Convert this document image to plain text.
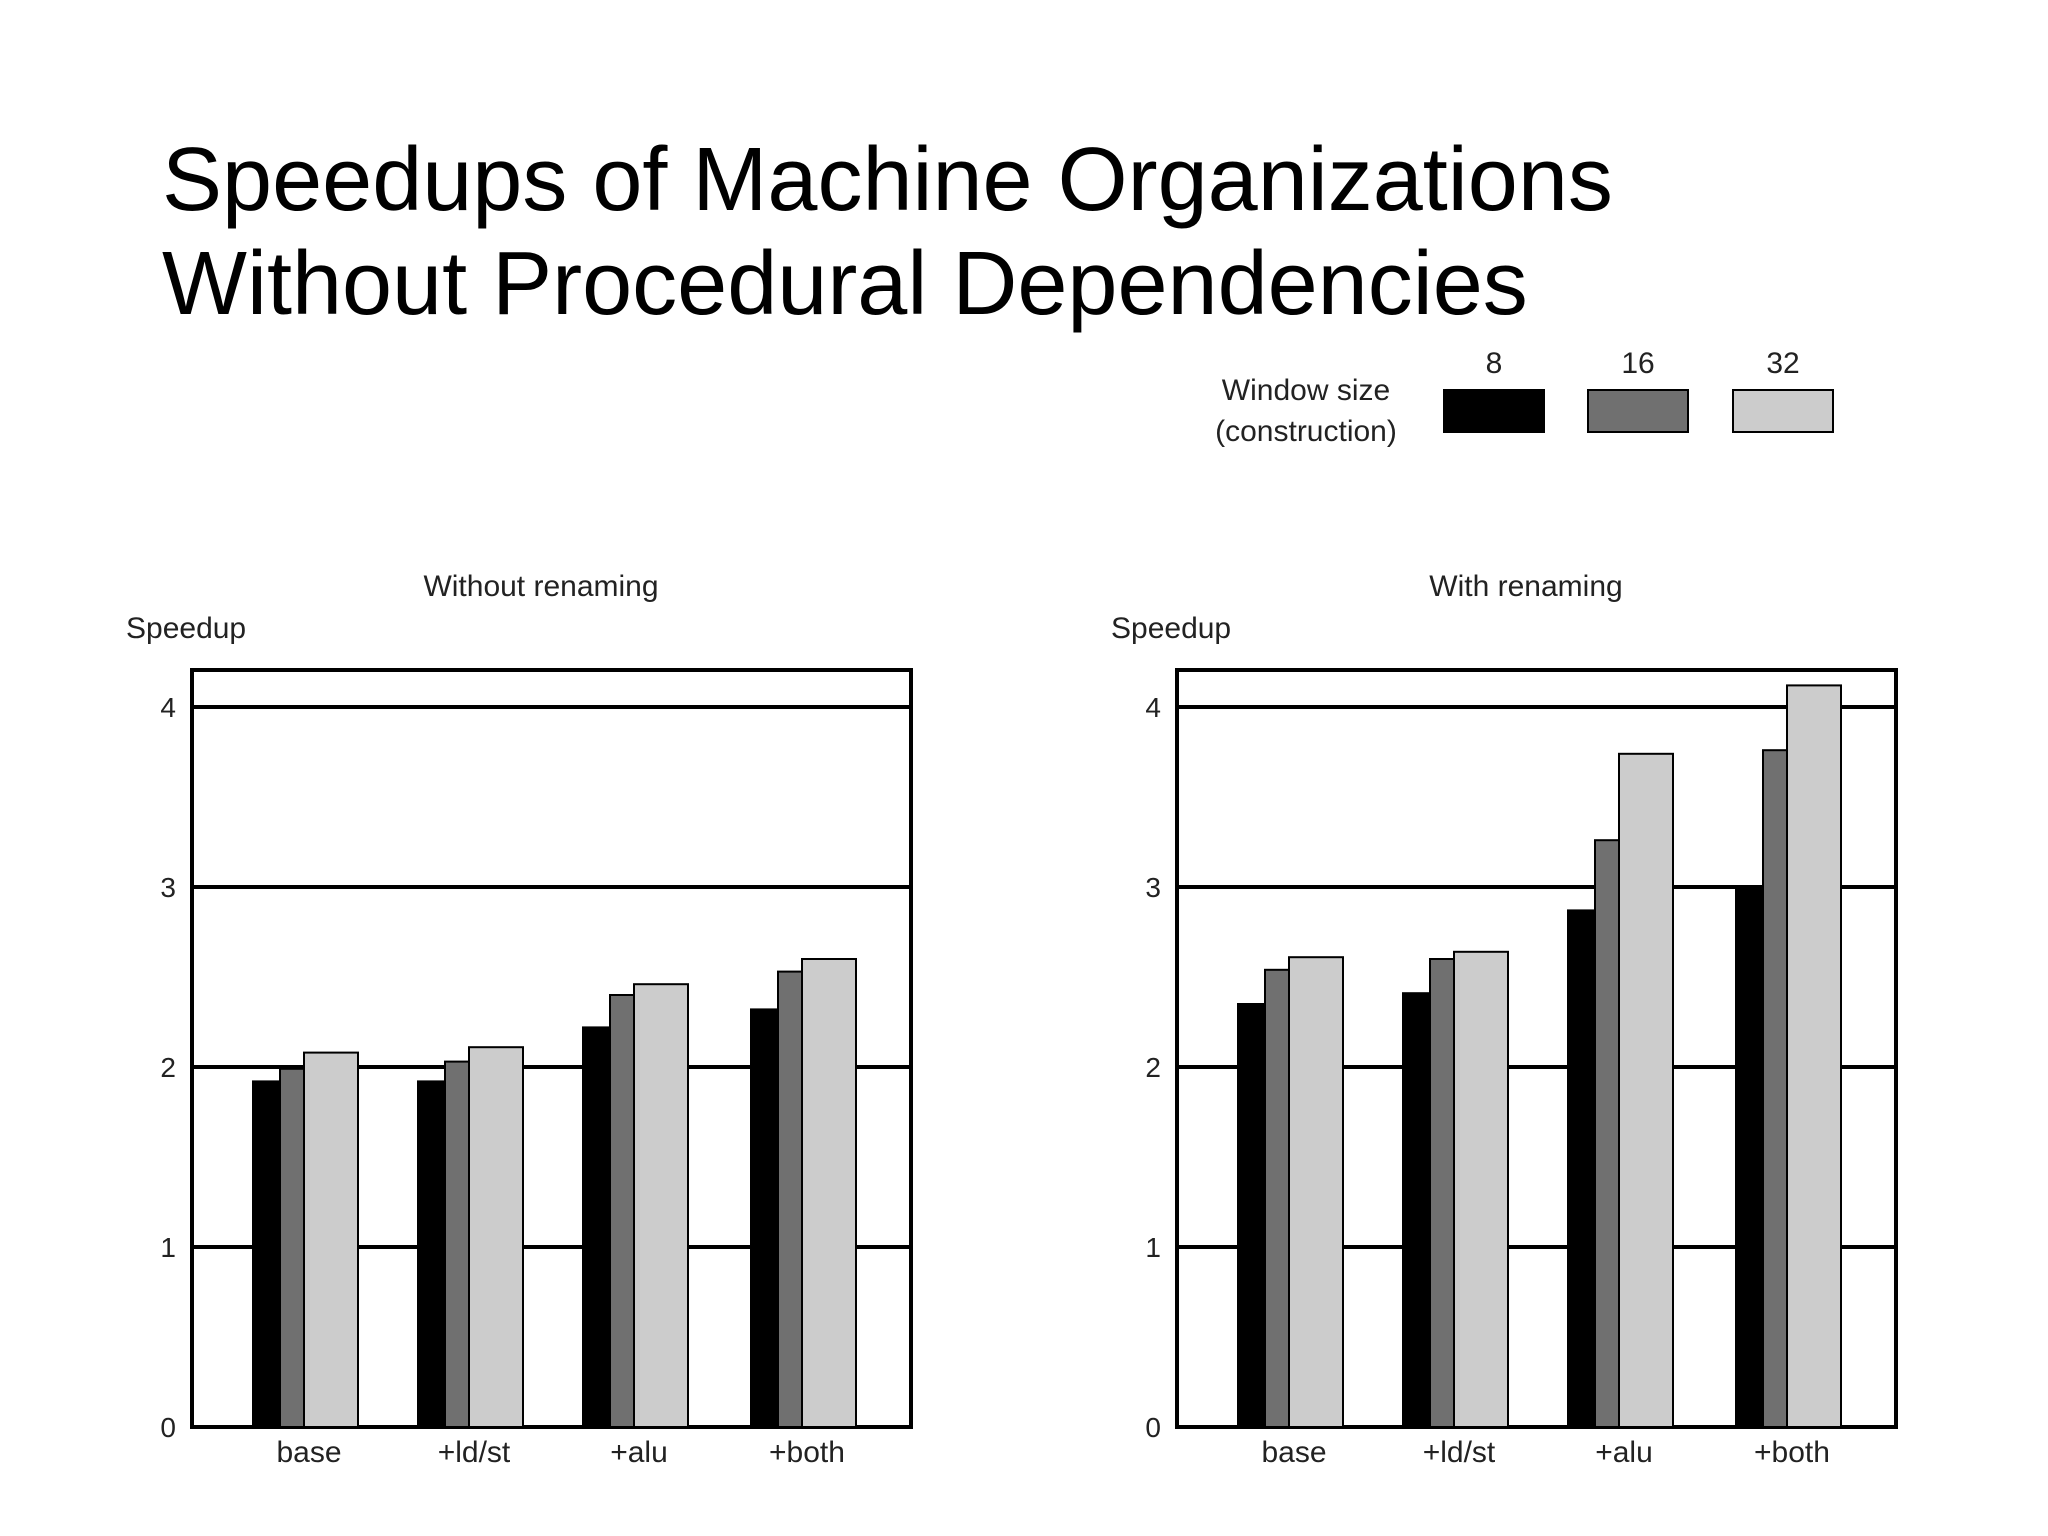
Speedups of Machine Organizations
Without Procedural Dependencies
Window size
(construction)
8	16	32
Without renaming
Speedup
0
1
2
3
4
base	+ld/st	+alu	+both
With renaming
Speedup
0
1
2
3
4
base	+ld/st	+alu	+both
